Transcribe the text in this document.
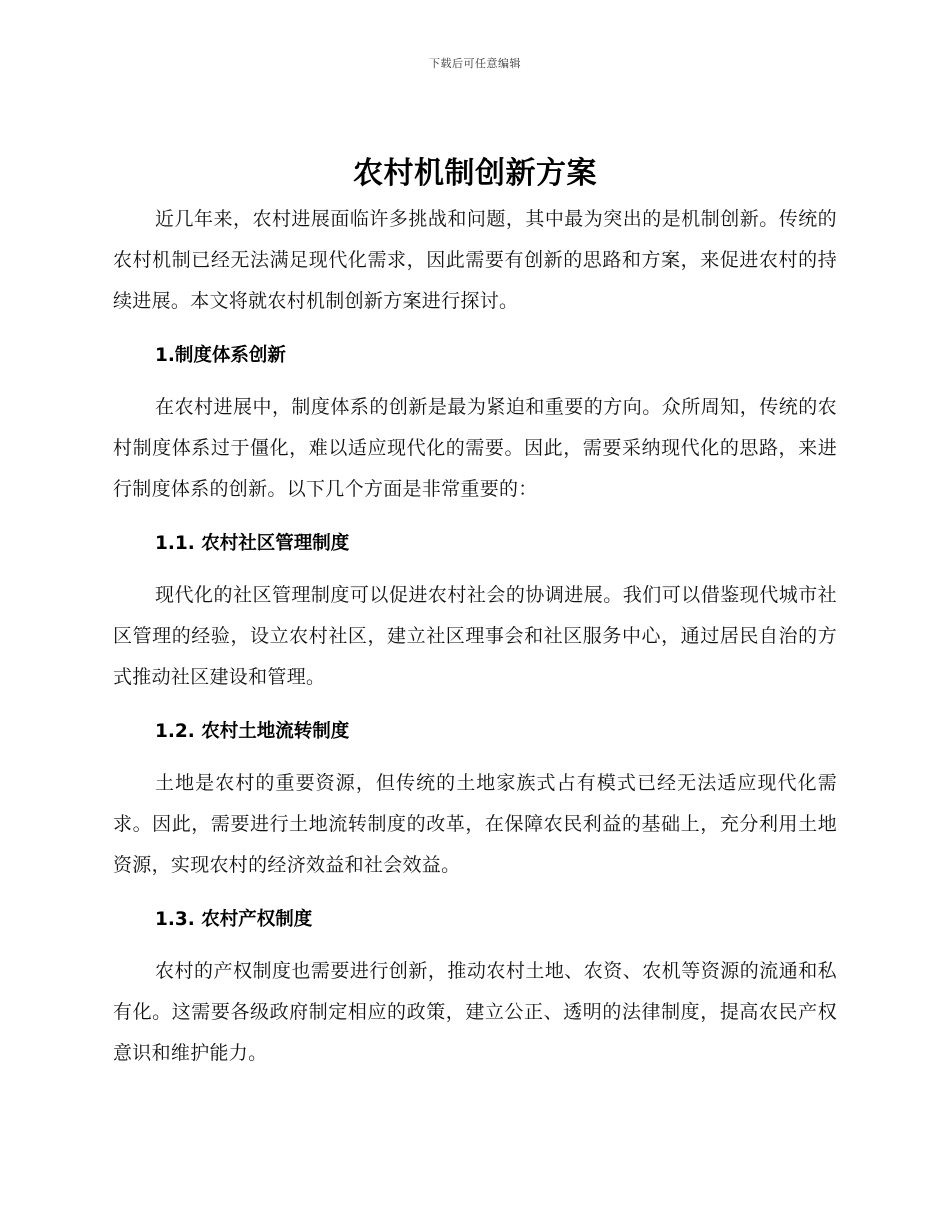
下载后可任意编辑
农村机制创新方案

近几年来，农村进展面临许多挑战和问题，其中最为突出的是机制创新。传统的农村机制已经无法满足现代化需求，因此需要有创新的思路和方案，来促进农村的持续进展。本文将就农村机制创新方案进行探讨。

1.制度体系创新

在农村进展中，制度体系的创新是最为紧迫和重要的方向。众所周知，传统的农村制度体系过于僵化，难以适应现代化的需要。因此，需要采纳现代化的思路，来进行制度体系的创新。以下几个方面是非常重要的：

1.1. 农村社区管理制度

现代化的社区管理制度可以促进农村社会的协调进展。我们可以借鉴现代城市社区管理的经验，设立农村社区，建立社区理事会和社区服务中心，通过居民自治的方式推动社区建设和管理。

1.2. 农村土地流转制度

土地是农村的重要资源，但传统的土地家族式占有模式已经无法适应现代化需求。因此，需要进行土地流转制度的改革，在保障农民利益的基础上，充分利用土地资源，实现农村的经济效益和社会效益。

1.3. 农村产权制度

农村的产权制度也需要进行创新，推动农村土地、农资、农机等资源的流通和私有化。这需要各级政府制定相应的政策，建立公正、透明的法律制度，提高农民产权意识和维护能力。
